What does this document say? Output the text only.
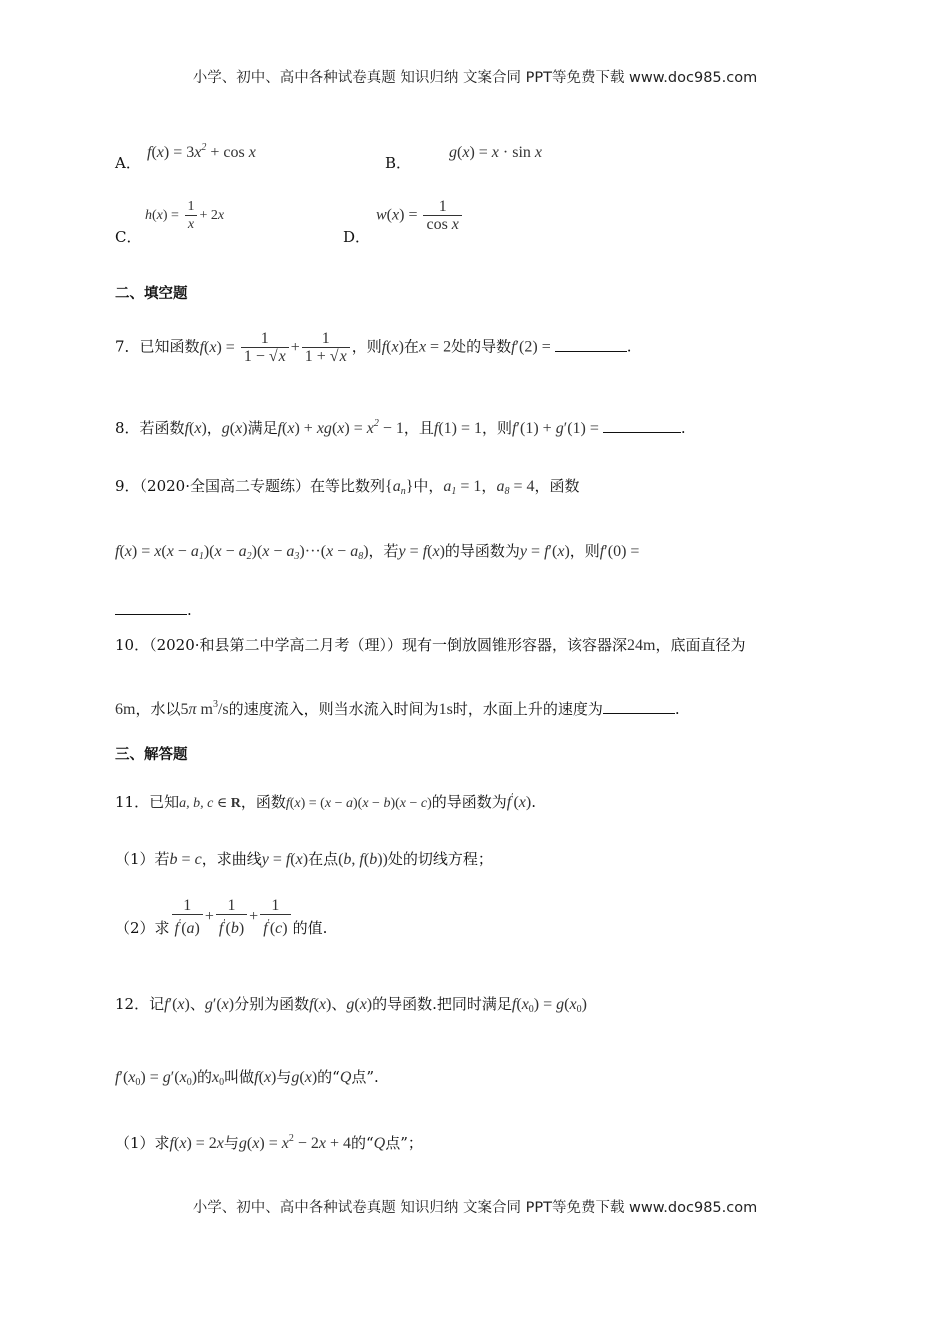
小学、初中、高中各种试卷真题 知识归纳 文案合同 PPT等免费下载 www.doc985.com
A．
$f(x) = 3x^2 + \cos x$
B．
g(x) = x · sin x
C．
$h(x) = \frac{1}{x} + 2x$
D．
$w(x) = \frac{1}{\text{cos x}}$
二、填空题
7．已知函数$f(x) = \frac{1}{1 - √x} + \frac{1}{1 + √x}$ ，则f(x)在x = 2处的导数f′(2) =	.
8．若函数f(x)，g(x)满足$f(x) + xg(x) = x^2 - 1$，且f(1) = 1，则f′(1) + g′(1) =	.
9．（2020·全国高二专题练）在等比数列$\{a_n\}$中，$a_1 = 1$，$a_8 = 4$，函数
$f(x) = x(x - a_1)(x - a_2)(x - a_3)\cdot\cdot\cdot(x - a_8)$，若y = f(x)的导函数为y = f′(x)，则f′(0) =
.
10．（2020·和县第二中学高二月考（理））现有一倒放圆锥形容器，该容器深24m，底面直径为
6m，水以5π $m^3/s$的速度流入，则当水流入时间为1s时，水面上升的速度为	.
三、解答题
11．已知a, b, c ∈ R，函数f(x) = (x − a)(x − b)(x − c)的导函数为f′(x).
（1）若b = c，求曲线y = f(x)在点(b, f(b))处的切线方程；
（2）求 $\frac{1}{f'(a)} + \frac{1}{f'(b)} + \frac{1}{f'(c)}$ 的值.
12．记f′(x)、g′(x)分别为函数f(x)、g(x)的导函数.把同时满足$f(x_0) = g(x_0)$
$f'(x_0) = g'(x_0)$的$x_0$叫做f(x)与g(x)的“Q点”.
（1）求f(x) = 2x与$g(x) = x^2 - 2x + 4$的“Q点”；
小学、初中、高中各种试卷真题 知识归纳 文案合同 PPT等免费下载 www.doc985.com
